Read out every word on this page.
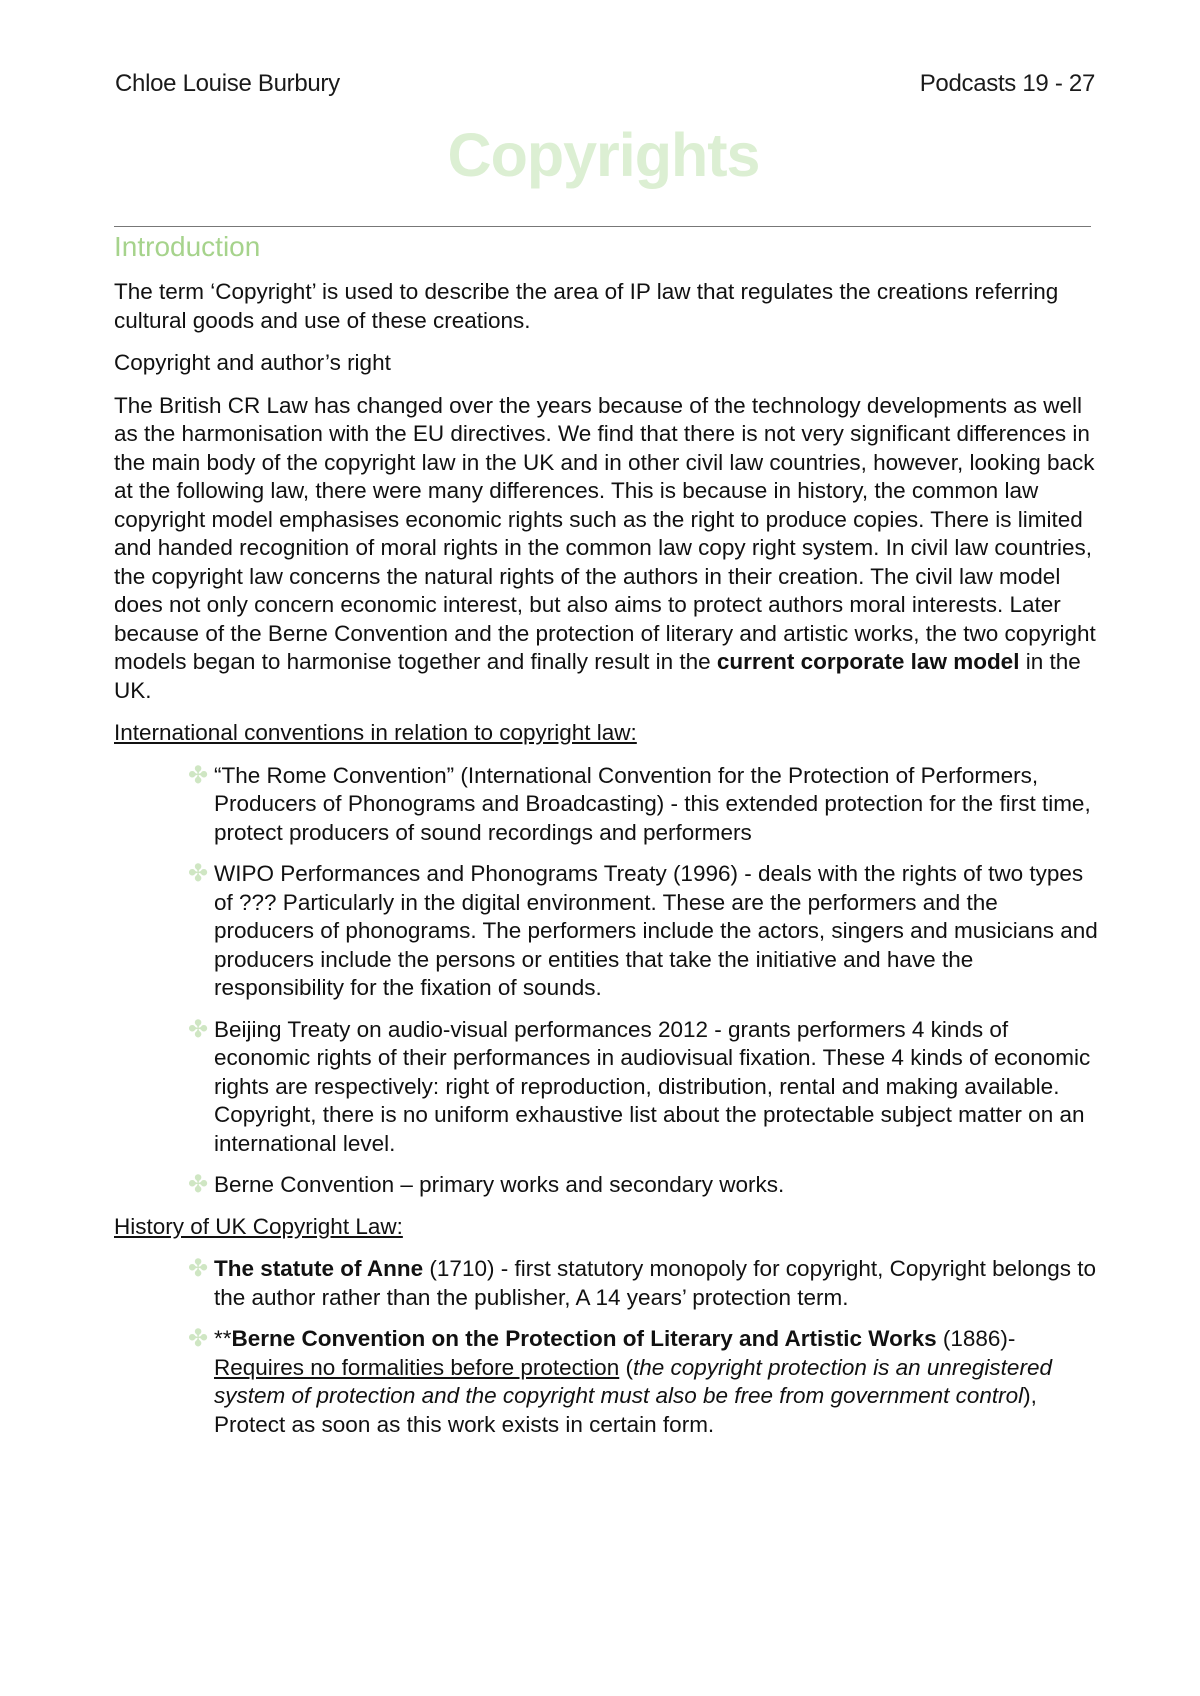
Chloe Louise Burbury	Podcasts 19 - 27
Copyrights
Introduction

The term ‘Copyright’ is used to describe the area of IP law that regulates the creations referring cultural goods and use of these creations.

Copyright and author’s right

The British CR Law has changed over the years because of the technology developments as well as the harmonisation with the EU directives. We find that there is not very significant differences in the main body of the copyright law in the UK and in other civil law countries, however, looking back at the following law, there were many differences. This is because in history, the common law copyright model emphasises economic rights such as the right to produce copies. There is limited and handed recognition of moral rights in the common law copy right system. In civil law countries, the copyright law concerns the natural rights of the authors in their creation. The civil law model does not only concern economic interest, but also aims to protect authors moral interests. Later because of the Berne Convention and the protection of literary and artistic works, the two copyright models began to harmonise together and finally result in the current corporate law model in the UK.

International conventions in relation to copyright law:
✤ “The Rome Convention” (International Convention for the Protection of Performers, Producers of Phonograms and Broadcasting) - this extended protection for the first time, protect producers of sound recordings and performers
✤ WIPO Performances and Phonograms Treaty (1996) - deals with the rights of two types of ??? Particularly in the digital environment. These are the performers and the producers of phonograms. The performers include the actors, singers and musicians and producers include the persons or entities that take the initiative and have the responsibility for the fixation of sounds.
✤ Beijing Treaty on audio-visual performances 2012 - grants performers 4 kinds of economic rights of their performances in audiovisual fixation. These 4 kinds of economic rights are respectively: right of reproduction, distribution, rental and making available. Copyright, there is no uniform exhaustive list about the protectable subject matter on an international level.
✤ Berne Convention – primary works and secondary works.
History of UK Copyright Law:
✤ The statute of Anne (1710) - first statutory monopoly for copyright, Copyright belongs to the author rather than the publisher, A 14 years’ protection term.
✤ **Berne Convention on the Protection of Literary and Artistic Works (1886)- Requires no formalities before protection (the copyright protection is an unregistered system of protection and the copyright must also be free from government control), Protect as soon as this work exists in certain form.
